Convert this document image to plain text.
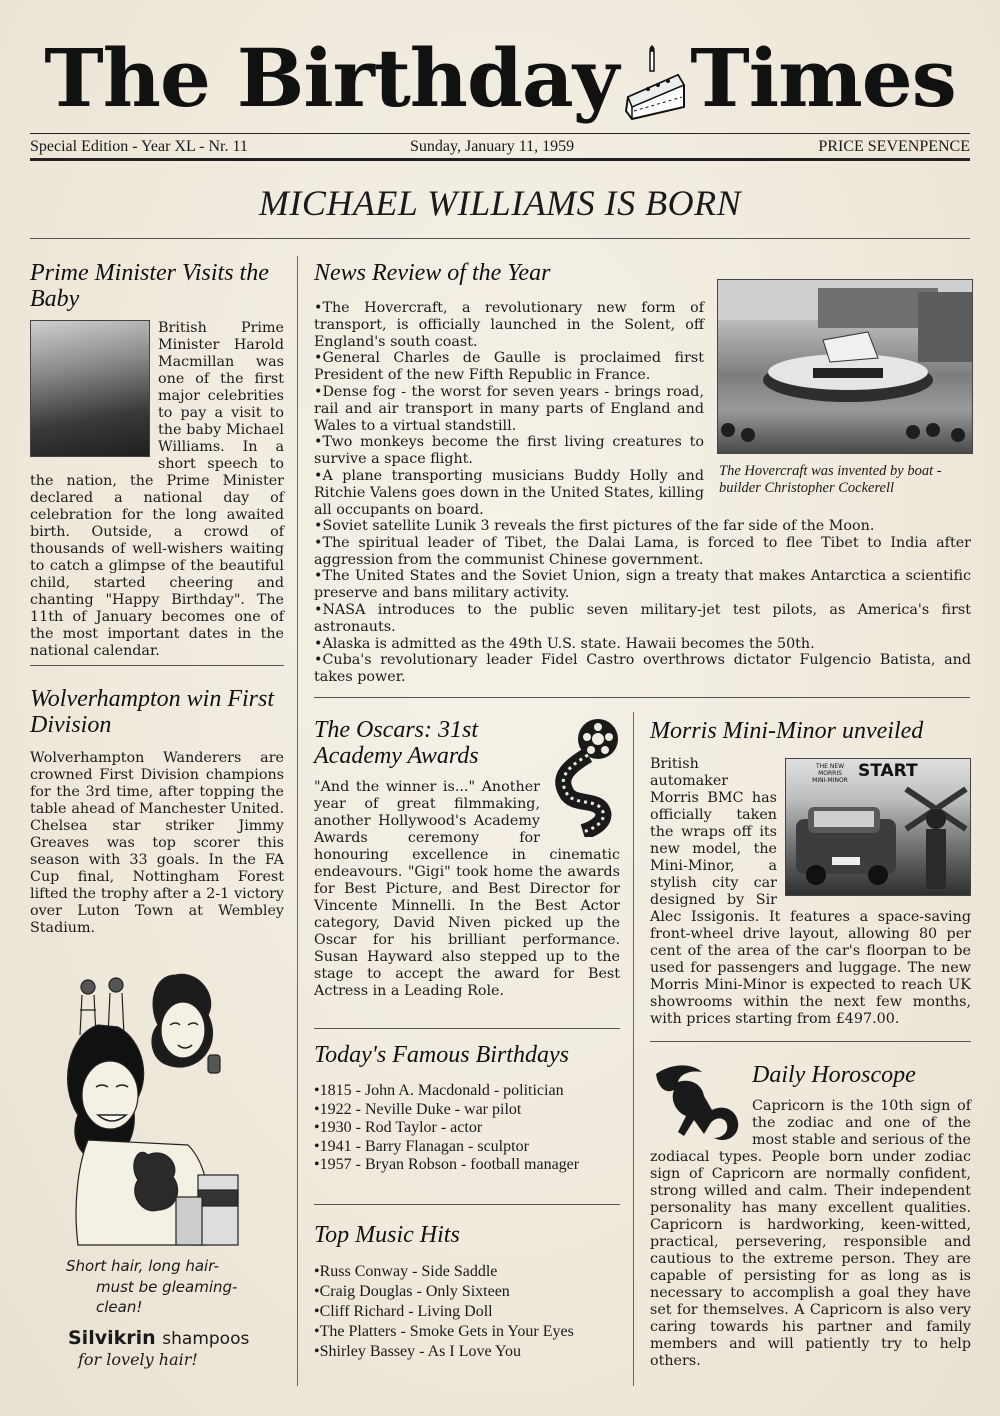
The Birthday Times
Special Edition - Year XL - Nr. 11	Sunday, January 11, 1959	PRICE SEVENPENCE
MICHAEL WILLIAMS IS BORN
Prime Minister Visits the Baby
British Prime Minister Harold Macmillan was one of the first major celebrities to pay a visit to the baby Michael Williams. In a short speech to the nation, the Prime Minister declared a national day of celebration for the long awaited birth. Outside, a crowd of thousands of well-wishers waiting to catch a glimpse of the beautiful child, started cheering and chanting "Happy Birthday". The 11th of January becomes one of the most important dates in the national calendar.
Wolverhampton win First Division
Wolverhampton Wanderers are crowned First Division champions for the 3rd time, after topping the table ahead of Manchester United. Chelsea star striker Jimmy Greaves was top scorer this season with 33 goals. In the FA Cup final, Nottingham Forest lifted the trophy after a 2-1 victory over Luton Town at Wembley Stadium.
Short hair, long hair-
must be gleaming-clean!
Silvikrin shampoos
for lovely hair!
News Review of the Year
The Hovercraft was invented by boat -builder Christopher Cockerell
• The Hovercraft, a revolutionary new form of transport, is officially launched in the Solent, off England's south coast.
• General Charles de Gaulle is proclaimed first President of the new Fifth Republic in France.
• Dense fog - the worst for seven years - brings road, rail and air transport in many parts of England and Wales to a virtual standstill.
• Two monkeys become the first living creatures to survive a space flight.
• A plane transporting musicians Buddy Holly and Ritchie Valens goes down in the United States, killing all occupants on board.
• Soviet satellite Lunik 3 reveals the first pictures of the far side of the Moon.
• The spiritual leader of Tibet, the Dalai Lama, is forced to flee Tibet to India after aggression from the communist Chinese government.
• The United States and the Soviet Union, sign a treaty that makes Antarctica a scientific preserve and bans military activity.
• NASA introduces to the public seven military-jet test pilots, as America's first astronauts.
• Alaska is admitted as the 49th U.S. state. Hawaii becomes the 50th.
• Cuba's revolutionary leader Fidel Castro overthrows dictator Fulgencio Batista, and takes power.
The Oscars: 31st Academy Awards
"And the winner is..." Another year of great filmmaking, another Hollywood's Academy Awards ceremony for honouring excellence in cinematic endeavours. "Gigi" took home the awards for Best Picture, and Best Director for Vincente Minnelli. In the Best Actor category, David Niven picked up the Oscar for his brilliant performance. Susan Hayward also stepped up to the stage to accept the award for Best Actress in a Leading Role.
Today's Famous Birthdays
• 1815 - John A. Macdonald - politician
• 1922 - Neville Duke - war pilot
• 1930 - Rod Taylor - actor
• 1941 - Barry Flanagan - sculptor
• 1957 - Bryan Robson - football manager
Top Music Hits
• Russ Conway - Side Saddle
• Craig Douglas - Only Sixteen
• Cliff Richard - Living Doll
• The Platters - Smoke Gets in Your Eyes
• Shirley Bassey - As I Love You
Morris Mini-Minor unveiled
THE NEW
MORRIS
MINI-MINOR START
British automaker Morris BMC has officially taken the wraps off its new model, the Mini-Minor, a stylish city car designed by Sir Alec Issigonis. It features a space-saving front-wheel drive layout, allowing 80 per cent of the area of the car's floorpan to be used for passengers and luggage. The new Morris Mini-Minor is expected to reach UK showrooms within the next few months, with prices starting from £497.00.
Daily Horoscope
Capricorn is the 10th sign of the zodiac and one of the most stable and serious of the zodiacal types. People born under zodiac sign of Capricorn are normally confident, strong willed and calm. Their independent personality has many excellent qualities. Capricorn is hardworking, keen-witted, practical, persevering, responsible and cautious to the extreme person. They are capable of persisting for as long as is necessary to accomplish a goal they have set for themselves. A Capricorn is also very caring towards his partner and family members and will patiently try to help others.
